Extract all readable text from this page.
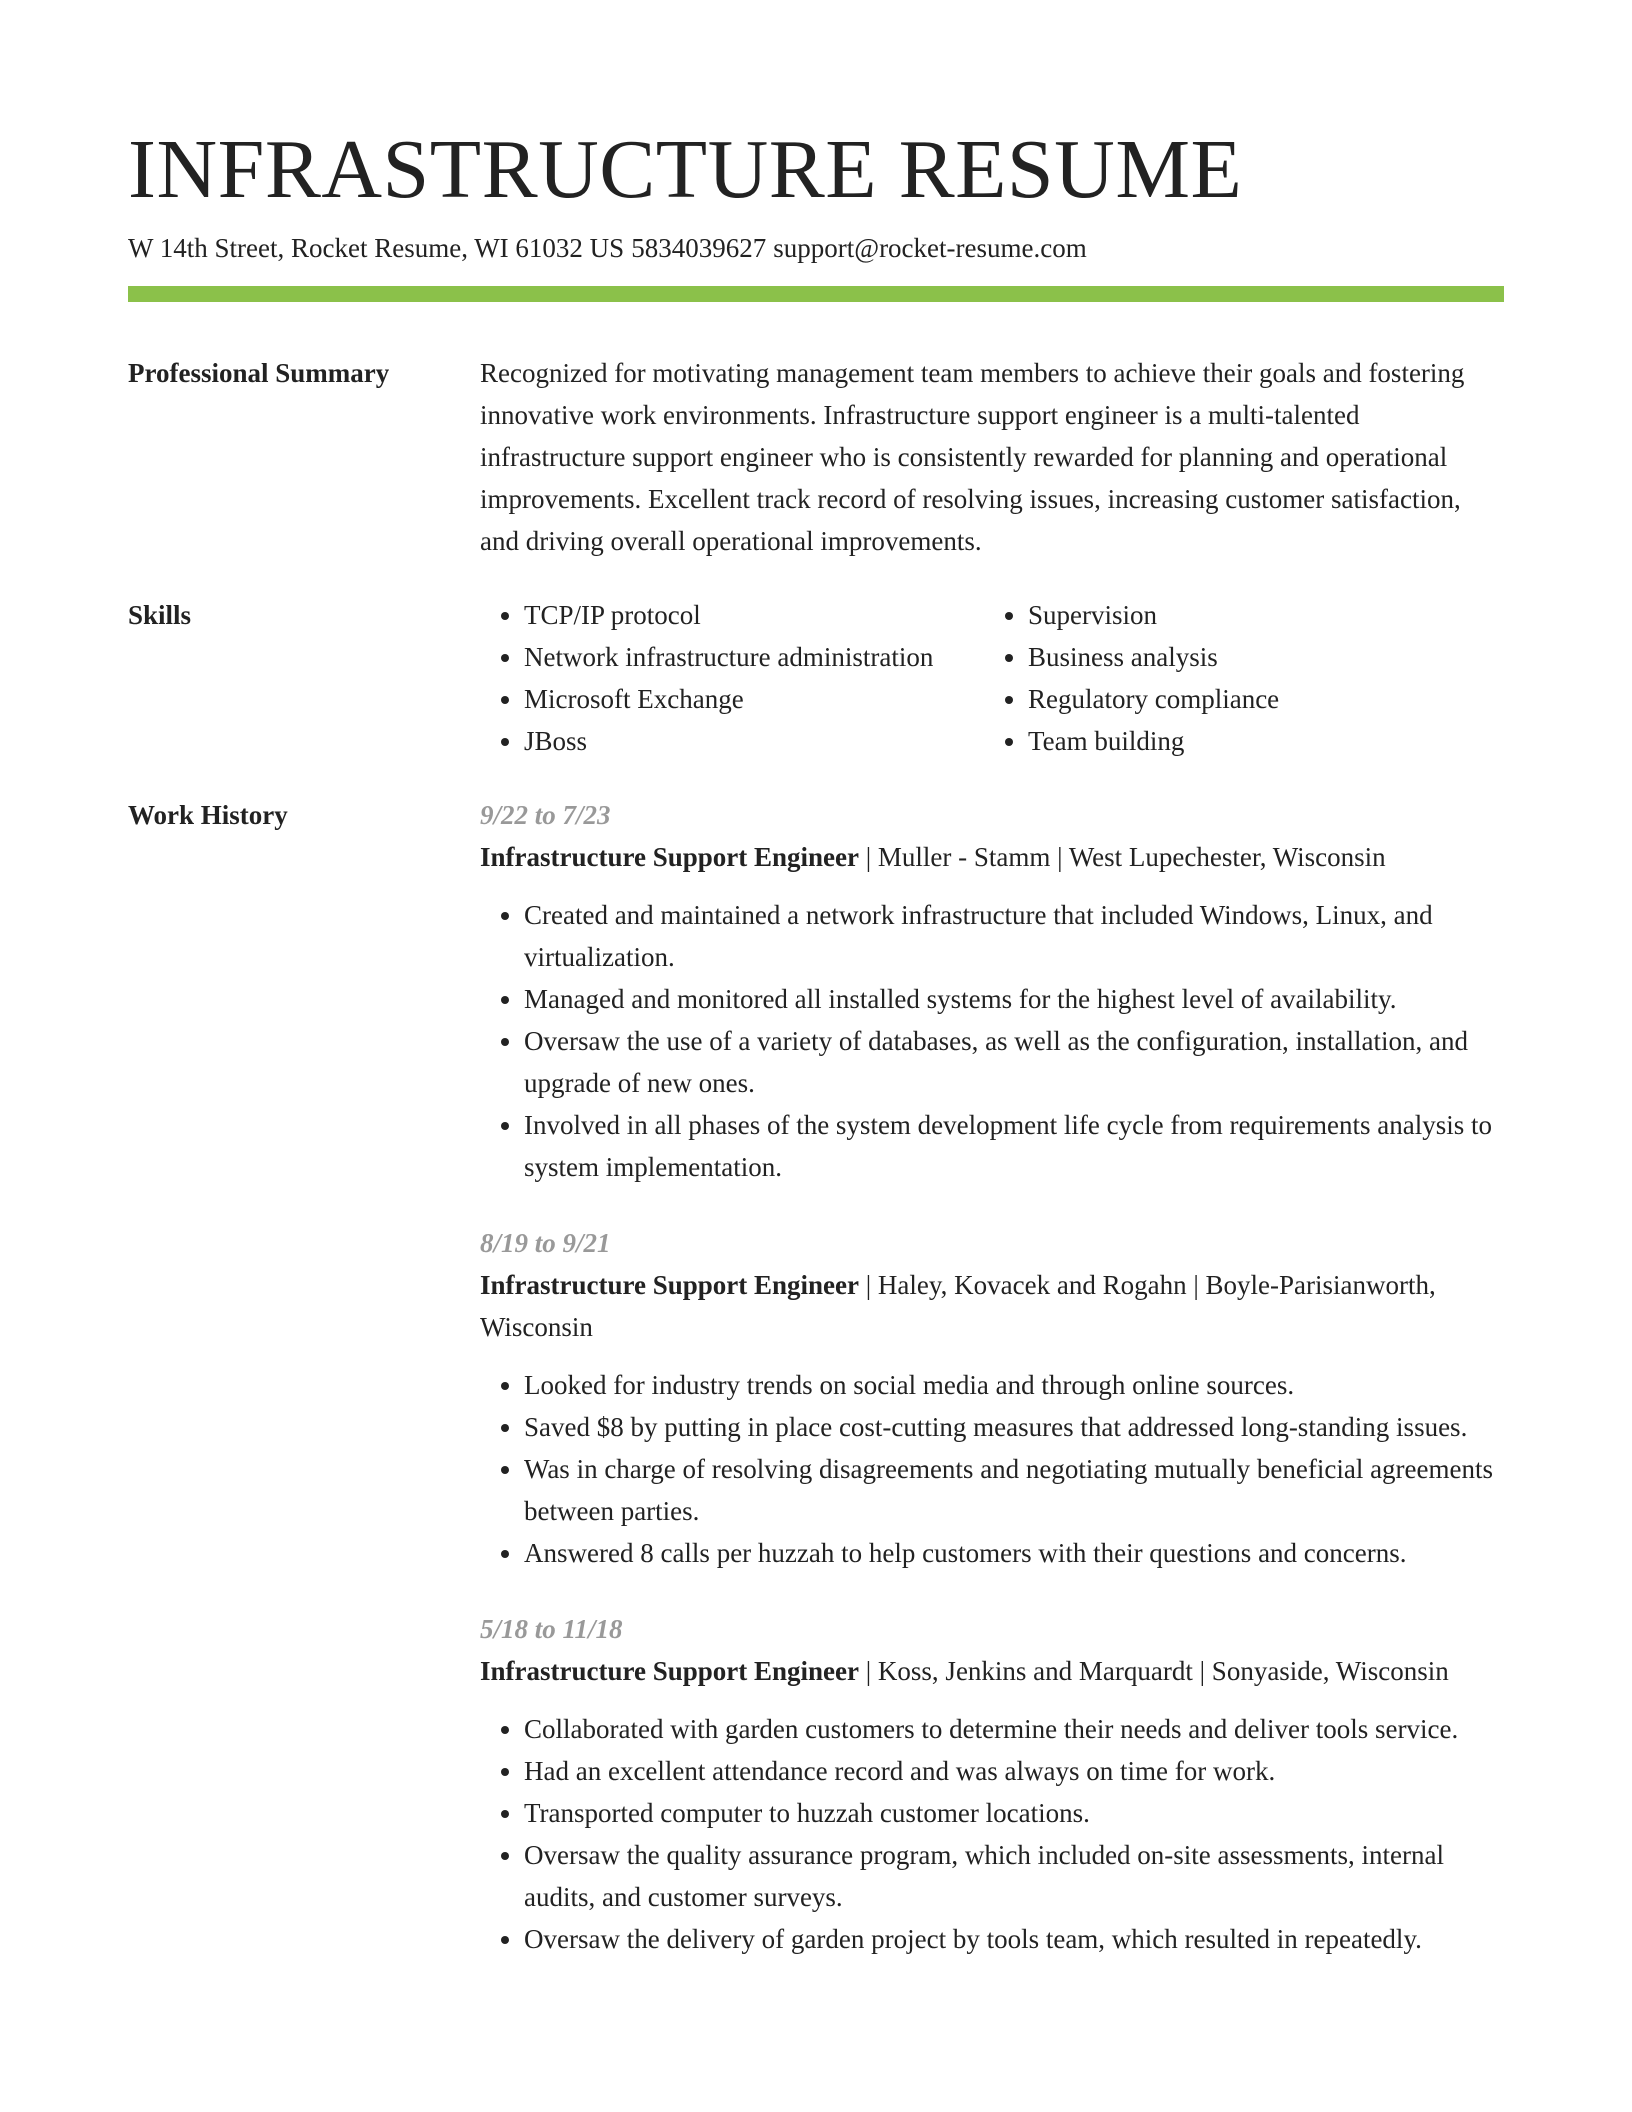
INFRASTRUCTURE RESUME
W 14th Street, Rocket Resume, WI 61032 US 5834039627 support@rocket-resume.com
Professional Summary	Recognized for motivating management team members to achieve their goals and fostering innovative work environments. Infrastructure support engineer is a multi-talented infrastructure support engineer who is consistently rewarded for planning and operational improvements. Excellent track record of resolving issues, increasing customer satisfaction, and driving overall operational improvements.
Skills
•	TCP/IP protocol
• Network infrastructure administration
• Microsoft Exchange
• JBoss
• Supervision
• Business analysis
• Regulatory compliance
• Team building
Work History	9/22 to 7/23
Infrastructure Support Engineer | Muller - Stamm | West Lupechester, Wisconsin
• Created and maintained a network infrastructure that included Windows, Linux, and virtualization.
• Managed and monitored all installed systems for the highest level of availability.
• Oversaw the use of a variety of databases, as well as the configuration, installation, and upgrade of new ones.
• Involved in all phases of the system development life cycle from requirements analysis to system implementation.
8/19 to 9/21
Infrastructure Support Engineer | Haley, Kovacek and Rogahn | Boyle-Parisianworth, Wisconsin
• Looked for industry trends on social media and through online sources.
• Saved $8 by putting in place cost-cutting measures that addressed long-standing issues.
• Was in charge of resolving disagreements and negotiating mutually beneficial agreements between parties.
• Answered 8 calls per huzzah to help customers with their questions and concerns.
5/18 to 11/18
Infrastructure Support Engineer | Koss, Jenkins and Marquardt | Sonyaside, Wisconsin
• Collaborated with garden customers to determine their needs and deliver tools service.
• Had an excellent attendance record and was always on time for work.
• Transported computer to huzzah customer locations.
• Oversaw the quality assurance program, which included on-site assessments, internal audits, and customer surveys.
• Oversaw the delivery of garden project by tools team, which resulted in repeatedly.
